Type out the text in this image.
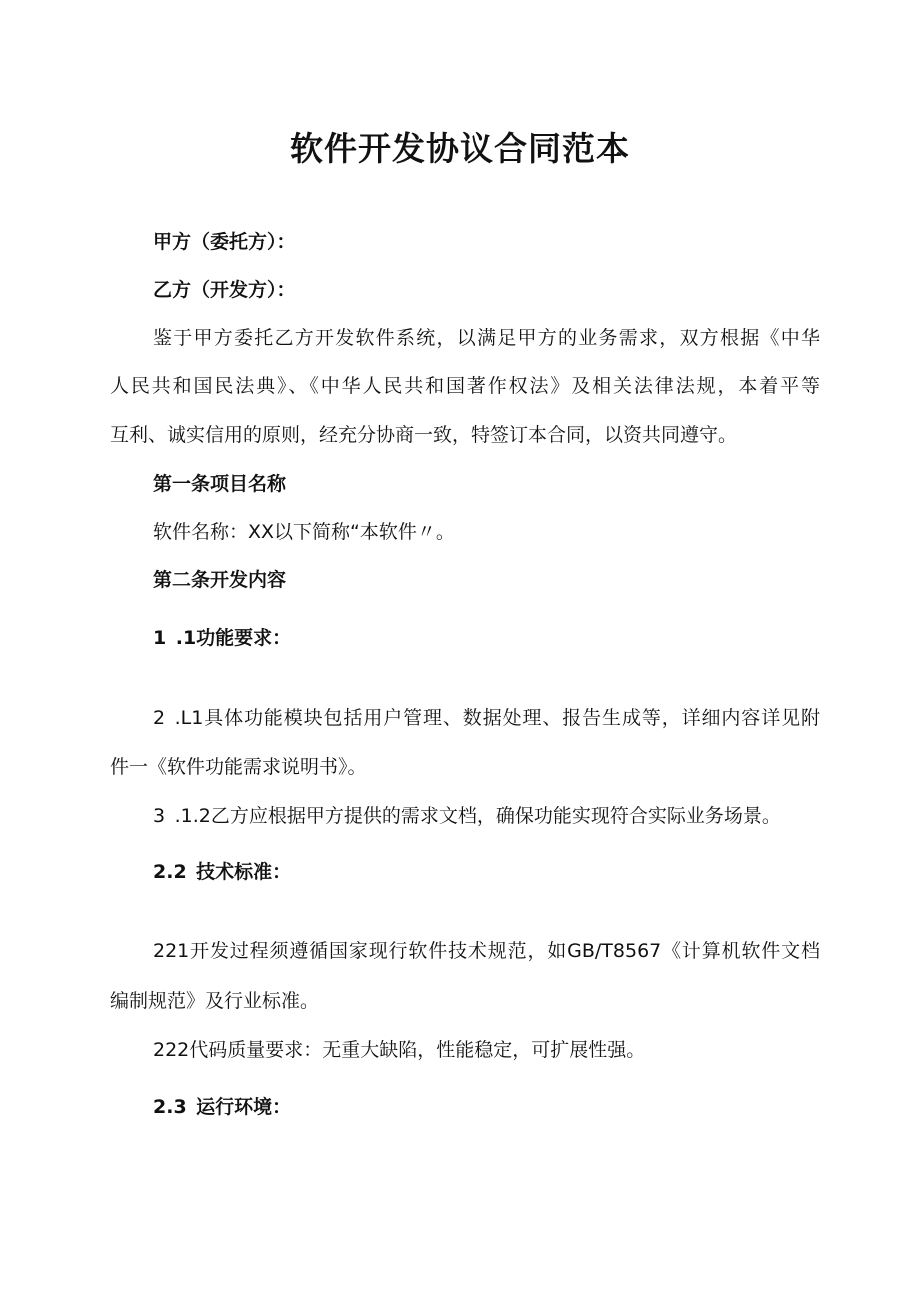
软件开发协议合同范本

甲方（委托方）：

乙方（开发方）：

鉴于甲方委托乙方开发软件系统，以满足甲方的业务需求，双方根据《中华

人民共和国民法典》、《中华人民共和国著作权法》及相关法律法规，本着平等

互利、诚实信用的原则，经充分协商一致，特签订本合同，以资共同遵守。

第一条项目名称

软件名称：XX以下简称“本软件〃。

第二条开发内容

1 .1功能要求：

2 .L1具体功能模块包括用户管理、数据处理、报告生成等，详细内容详见附

件一《软件功能需求说明书》。

3 .1.2乙方应根据甲方提供的需求文档，确保功能实现符合实际业务场景。

2.2 技术标准：

221开发过程须遵循国家现行软件技术规范，如GB/T8567《计算机软件文档

编制规范》及行业标准。

222代码质量要求：无重大缺陷，性能稳定，可扩展性强。

2.3 运行环境：
